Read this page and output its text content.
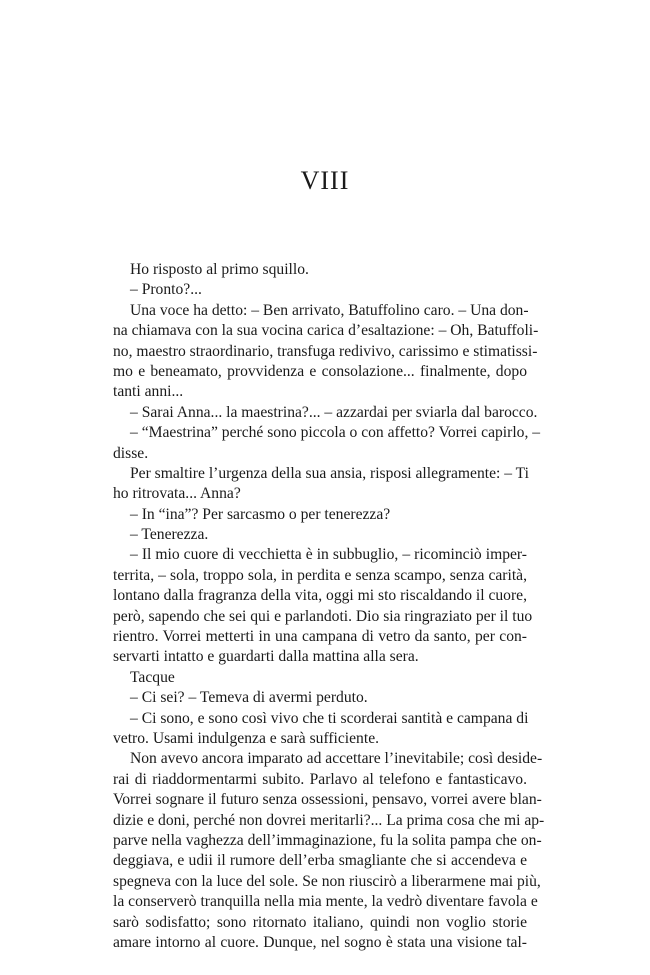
VIII
Ho risposto al primo squillo.
– Pronto?...
Una voce ha detto: – Ben arrivato, Batuffolino caro. – Una don-
na chiamava con la sua vocina carica d’esaltazione: – Oh, Batuffoli-
no, maestro straordinario, transfuga redivivo, carissimo e stimatissi-
mo e beneamato, provvidenza e consolazione... finalmente, dopo
tanti anni...
– Sarai Anna... la maestrina?... – azzardai per sviarla dal barocco.
– “Maestrina” perché sono piccola o con affetto? Vorrei capirlo, –
disse.
Per smaltire l’urgenza della sua ansia, risposi allegramente: – Ti
ho ritrovata... Anna?
– In “ina”? Per sarcasmo o per tenerezza?
– Tenerezza.
– Il mio cuore di vecchietta è in subbuglio, – ricominciò imper-
territa, – sola, troppo sola, in perdita e senza scampo, senza carità,
lontano dalla fragranza della vita, oggi mi sto riscaldando il cuore,
però, sapendo che sei qui e parlandoti. Dio sia ringraziato per il tuo
rientro. Vorrei metterti in una campana di vetro da santo, per con-
servarti intatto e guardarti dalla mattina alla sera.
Tacque
– Ci sei? – Temeva di avermi perduto.
– Ci sono, e sono così vivo che ti scorderai santità e campana di
vetro. Usami indulgenza e sarà sufficiente.
Non avevo ancora imparato ad accettare l’inevitabile; così deside-
rai di riaddormentarmi subito. Parlavo al telefono e fantasticavo.
Vorrei sognare il futuro senza ossessioni, pensavo, vorrei avere blan-
dizie e doni, perché non dovrei meritarli?... La prima cosa che mi ap-
parve nella vaghezza dell’immaginazione, fu la solita pampa che on-
deggiava, e udii il rumore dell’erba smagliante che si accendeva e
spegneva con la luce del sole. Se non riuscirò a liberarmene mai più,
la conserverò tranquilla nella mia mente, la vedrò diventare favola e
sarò sodisfatto; sono ritornato italiano, quindi non voglio storie
amare intorno al cuore. Dunque, nel sogno è stata una visione tal-
